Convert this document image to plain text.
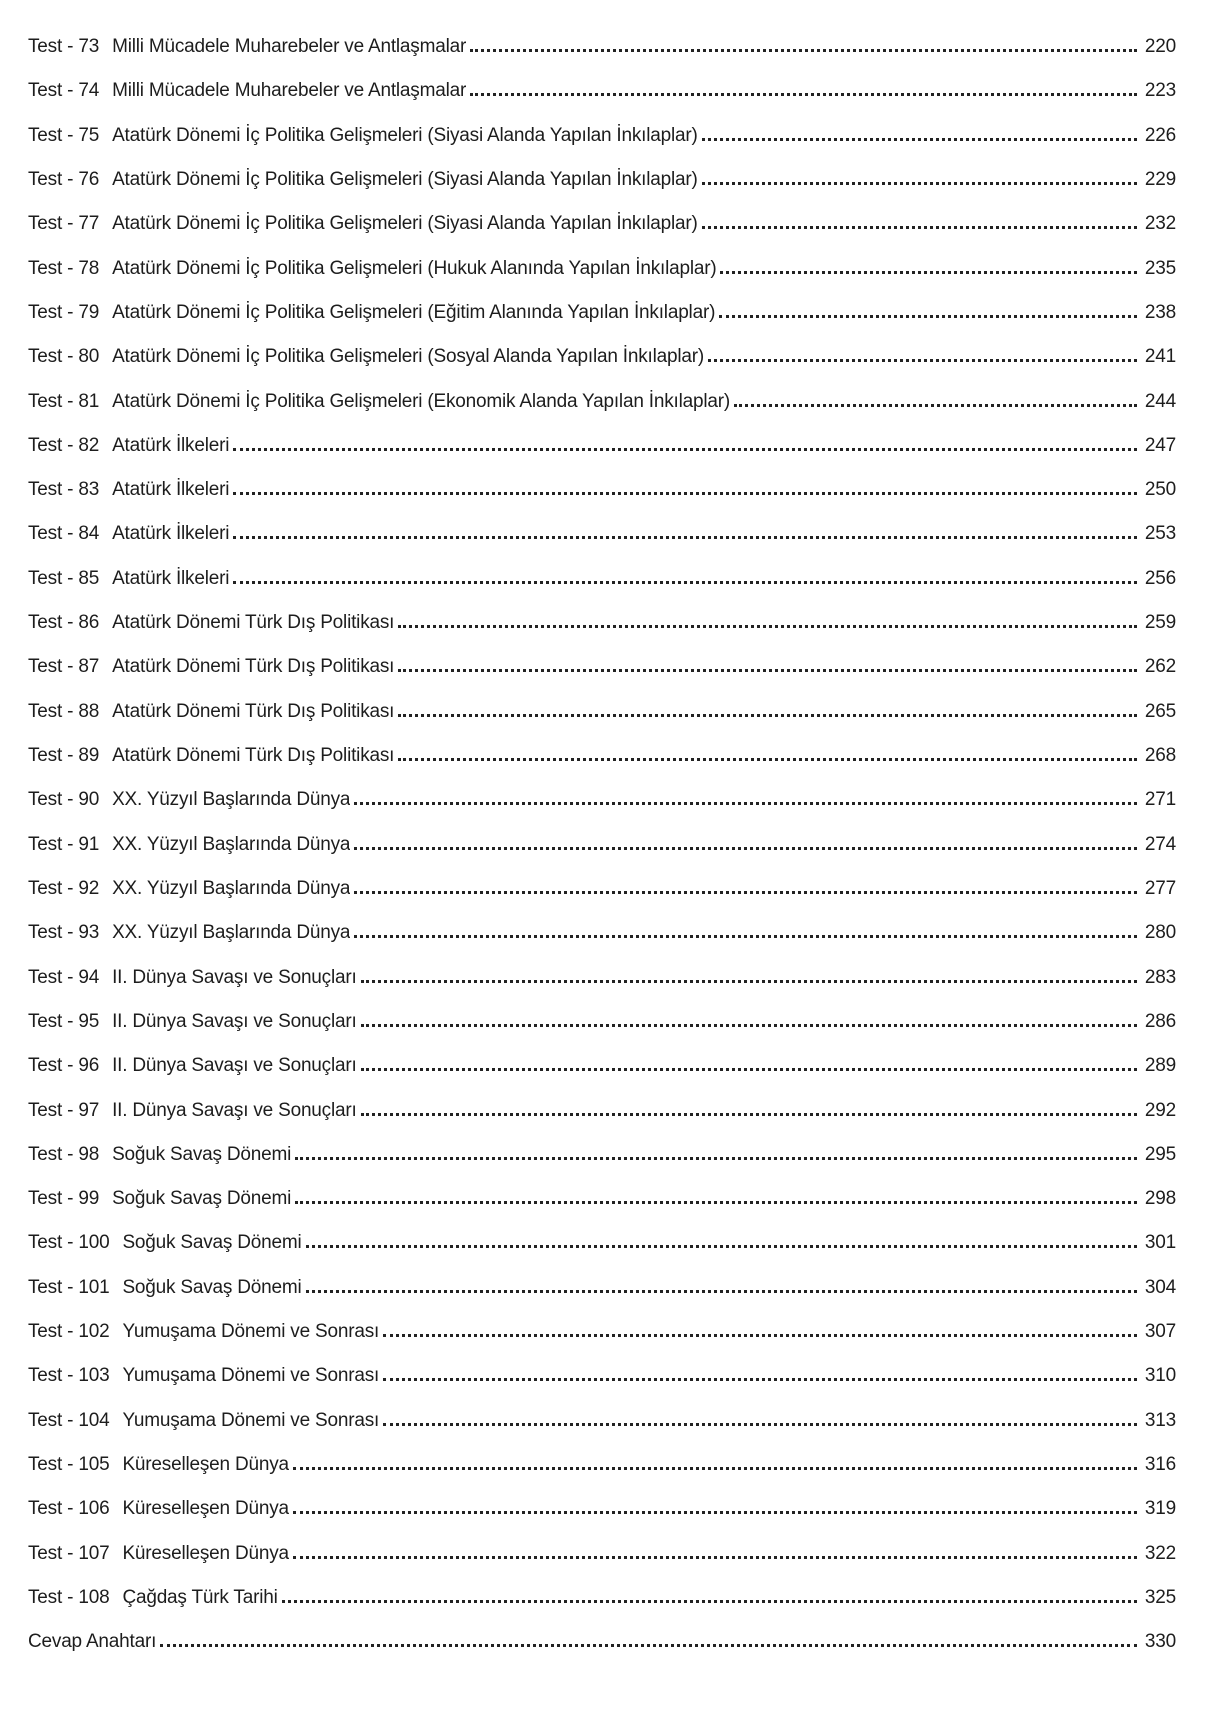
Test - 73 Milli Mücadele Muharebeler ve Antlaşmalar	220
Test - 74 Milli Mücadele Muharebeler ve Antlaşmalar	223
Test - 75 Atatürk Dönemi İç Politika Gelişmeleri (Siyasi Alanda Yapılan İnkılaplar)	226
Test - 76 Atatürk Dönemi İç Politika Gelişmeleri (Siyasi Alanda Yapılan İnkılaplar)	229
Test - 77 Atatürk Dönemi İç Politika Gelişmeleri (Siyasi Alanda Yapılan İnkılaplar)	232
Test - 78 Atatürk Dönemi İç Politika Gelişmeleri (Hukuk Alanında Yapılan İnkılaplar)	235
Test - 79 Atatürk Dönemi İç Politika Gelişmeleri (Eğitim Alanında Yapılan İnkılaplar)	238
Test - 80 Atatürk Dönemi İç Politika Gelişmeleri (Sosyal Alanda Yapılan İnkılaplar)	241
Test - 81 Atatürk Dönemi İç Politika Gelişmeleri (Ekonomik Alanda Yapılan İnkılaplar)	244
Test - 82 Atatürk İlkeleri	247
Test - 83 Atatürk İlkeleri	250
Test - 84 Atatürk İlkeleri	253
Test - 85 Atatürk İlkeleri	256
Test - 86 Atatürk Dönemi Türk Dış Politikası	259
Test - 87 Atatürk Dönemi Türk Dış Politikası	262
Test - 88 Atatürk Dönemi Türk Dış Politikası	265
Test - 89 Atatürk Dönemi Türk Dış Politikası	268
Test - 90 XX. Yüzyıl Başlarında Dünya	271
Test - 91 XX. Yüzyıl Başlarında Dünya	274
Test - 92 XX. Yüzyıl Başlarında Dünya	277
Test - 93 XX. Yüzyıl Başlarında Dünya	280
Test - 94 II. Dünya Savaşı ve Sonuçları	283
Test - 95 II. Dünya Savaşı ve Sonuçları	286
Test - 96 II. Dünya Savaşı ve Sonuçları	289
Test - 97 II. Dünya Savaşı ve Sonuçları	292
Test - 98 Soğuk Savaş Dönemi	295
Test - 99 Soğuk Savaş Dönemi	298
Test - 100 Soğuk Savaş Dönemi	301
Test - 101 Soğuk Savaş Dönemi	304
Test - 102 Yumuşama Dönemi ve Sonrası	307
Test - 103 Yumuşama Dönemi ve Sonrası	310
Test - 104 Yumuşama Dönemi ve Sonrası	313
Test - 105 Küreselleşen Dünya	316
Test - 106 Küreselleşen Dünya	319
Test - 107 Küreselleşen Dünya	322
Test - 108 Çağdaş Türk Tarihi	325
Cevap Anahtarı	330
